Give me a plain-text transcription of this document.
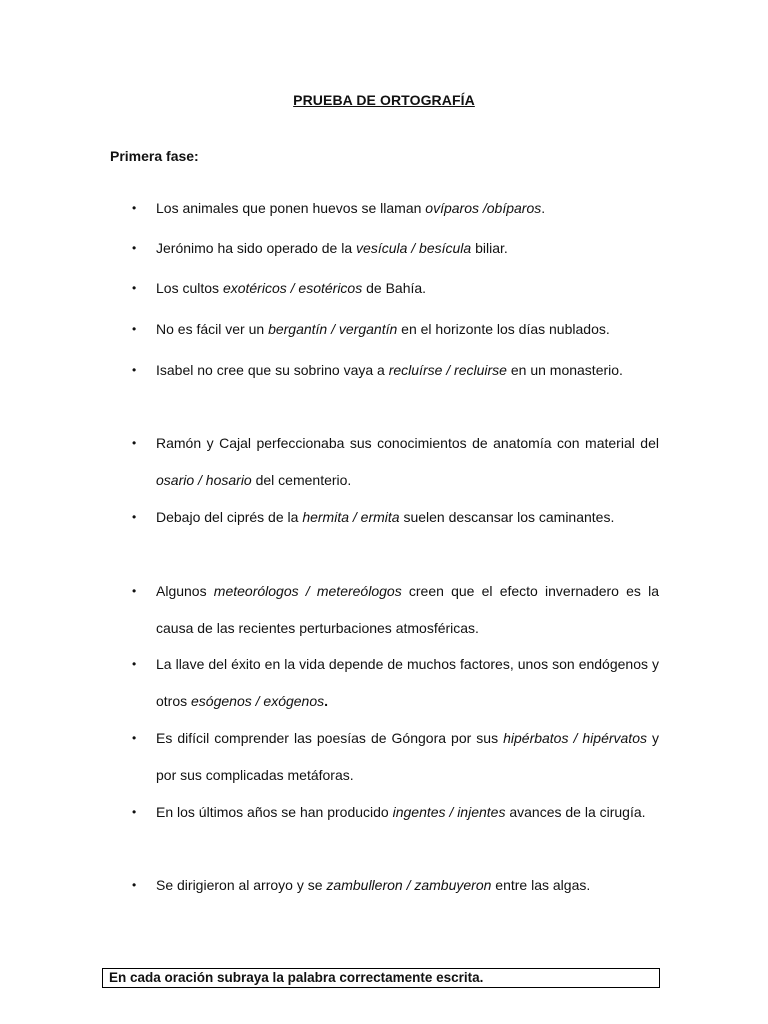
PRUEBA DE ORTOGRAFÍA
Primera fase:
• Los animales que ponen huevos se llaman ovíparos /obíparos.
• Jerónimo ha sido operado de la vesícula / besícula biliar.
• Los cultos exotéricos / esotéricos de Bahía.
• No es fácil ver un bergantín / vergantín en el horizonte los días nublados.
• Isabel no cree que su sobrino vaya a recluírse / recluirse en un monasterio.
• Ramón y Cajal perfeccionaba sus conocimientos de anatomía con material del osario / hosario del cementerio.
• Debajo del ciprés de la hermita / ermita suelen descansar los caminantes.
• Algunos meteorólogos / metereólogos creen que el efecto invernadero es la causa de las recientes perturbaciones atmosféricas.
• La llave del éxito en la vida depende de muchos factores, unos son endógenos y otros esógenos / exógenos.
• Es difícil comprender las poesías de Góngora por sus hipérbatos / hipérvatos y por sus complicadas metáforas.
• En los últimos años se han producido ingentes / injentes avances de la cirugía.
• Se dirigieron al arroyo y se zambulleron / zambuyeron entre las algas.
En cada oración subraya la palabra correctamente escrita.
